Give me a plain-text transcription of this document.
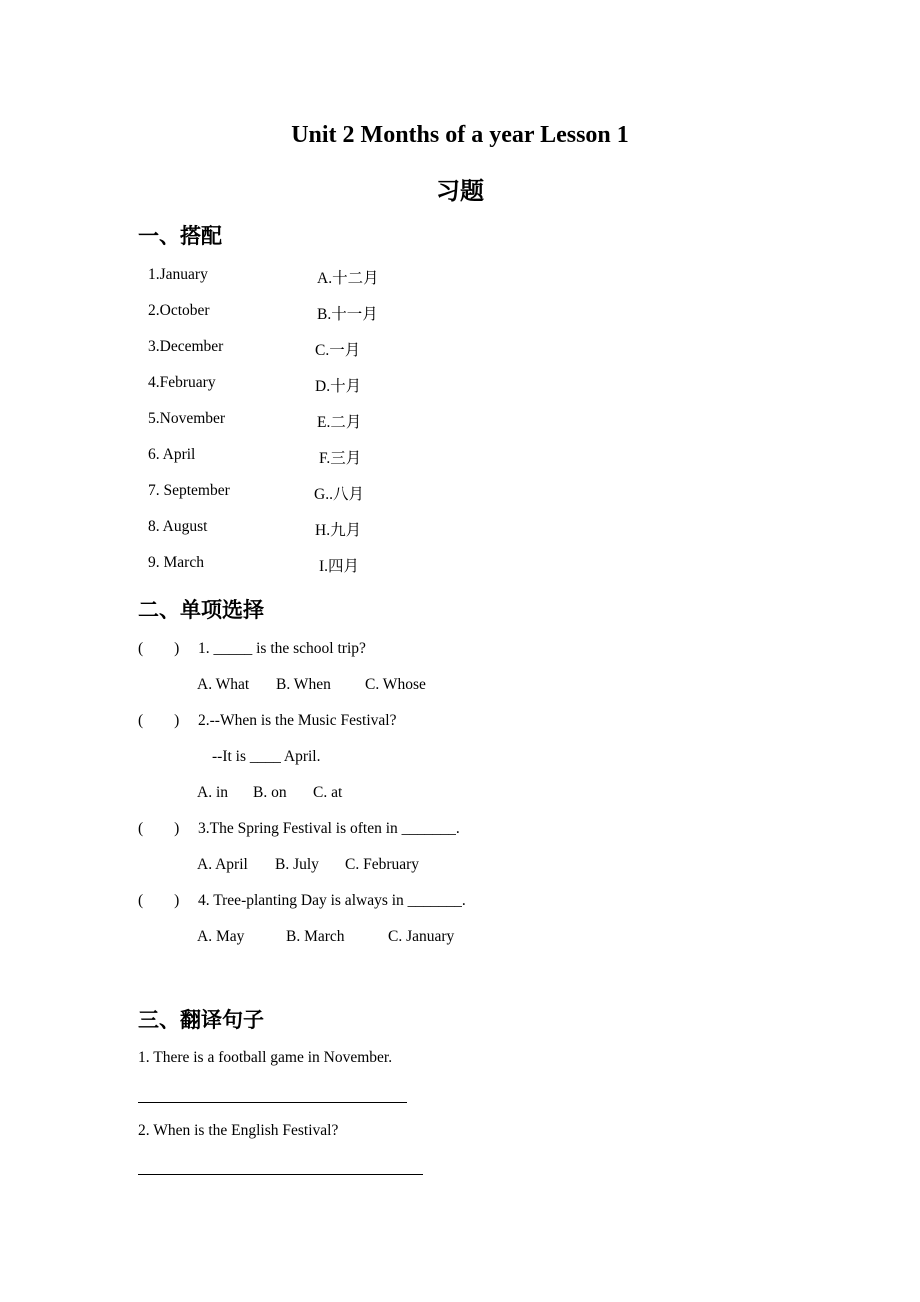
Unit 2 Months of a year Lesson 1
习题
一、搭配
1.January
2.October
3.December
4.February
5.November
6. April
7. September
8. August
9. March
A.十二月
B.十一月
C.一月
D.十月
E.二月
F.三月
G..八月
H.九月
I.四月
二、单项选择
(        ) 1. _____ is the school trip?
A. What B. When C. Whose
(        ) 2.--When is the Music Festival?
--It is ____ April.
A. in B. on C. at
(        ) 3.The Spring Festival is often in _______.
A. April B. July C. February
(        ) 4. Tree-planting Day is always in _______.
A. May	B. March	C. January
三、翻译句子
1. There is a football game in November.
2. When is the English Festival?
